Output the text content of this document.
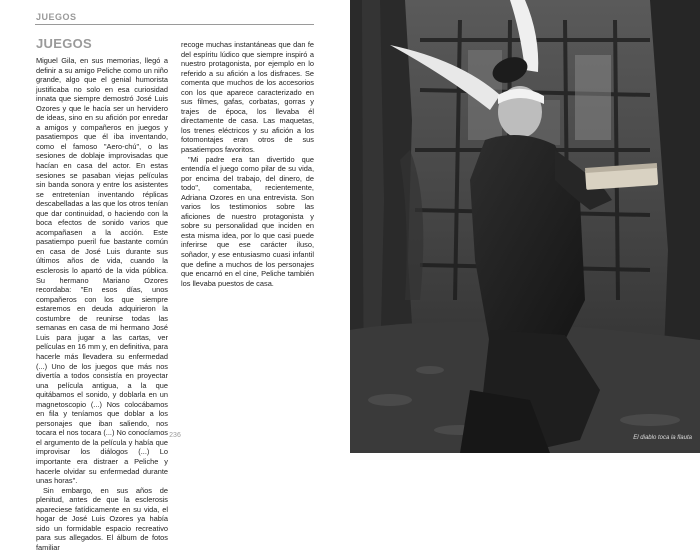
JUEGOS
JUEGOS

Miguel Gila, en sus memorias, llegó a definir a su amigo Peliche como un niño grande, algo que el genial humorista justificaba no solo en esa curiosidad innata que siempre demostró José Luis Ozores y que le hacía ser un hervidero de ideas, sino en su afición por enredar a amigos y compañeros en juegos y pasatiempos que él iba inventando, como el famoso "Aero-chú", o las sesiones de doblaje improvisadas que hacían en casa del actor. En estas sesiones se pasaban viejas películas sin banda sonora y entre los asistentes se entretenían inventando réplicas descabelladas a las que los otros tenían que dar continuidad, o haciendo con la boca efectos de sonido varios que acompañasen a la acción. Este pasatiempo pueril fue bastante común en casa de José Luis durante sus últimos años de vida, cuando la esclerosis lo apartó de la vida pública. Su hermano Mariano Ozores recordaba: "En esos días, unos compañeros con los que siempre estaremos en deuda adquirieron la costumbre de reunirse todas las semanas en casa de mi hermano José Luis para jugar a las cartas, ver películas en 16 mm y, en definitiva, para hacerle más llevadera su enfermedad (...) Uno de los juegos que más nos divertía a todos consistía en proyectar una película antigua, a la que quitábamos el sonido, y doblarla en un magnetoscopio (...) Nos colocábamos en fila y teníamos que doblar a los personajes que iban saliendo, nos tocara el nos tocara (...) No conocíamos el argumento de la película y había que improvisar los diálogos (...) Lo importante era distraer a Peliche y hacerle olvidar su enfermedad durante unas horas".

Sin embargo, en sus años de plenitud, antes de que la esclerosis apareciese fatídicamente en su vida, el hogar de José Luis Ozores ya había sido un formidable espacio recreativo para sus allegados. El álbum de fotos familiar

recoge muchas instantáneas que dan fe del espíritu lúdico que siempre inspiró a nuestro protagonista, por ejemplo en lo referido a su afición a los disfraces. Se comenta que muchos de los accesorios con los que aparece caracterizado en sus filmes, gafas, corbatas, gorras y trajes de época, los llevaba él directamente de casa. Las maquetas, los trenes eléctricos y su afición a los fotomontajes eran otros de sus pasatiempos favoritos.

"Mi padre era tan divertido que entendía el juego como pilar de su vida, por encima del trabajo, del dinero, de todo", comentaba, recientemente, Adriana Ozores en una entrevista. Son varios los testimonios sobre las aficiones de nuestro protagonista y sobre su personalidad que inciden en esta misma idea, por lo que casi puede inferirse que ese carácter iluso, soñador, y ese entusiasmo cuasi infantil que define a muchos de los personajes que encarnó en el cine, Peliche también los llevaba puestos de casa.

236	El diablo toca la flauta
